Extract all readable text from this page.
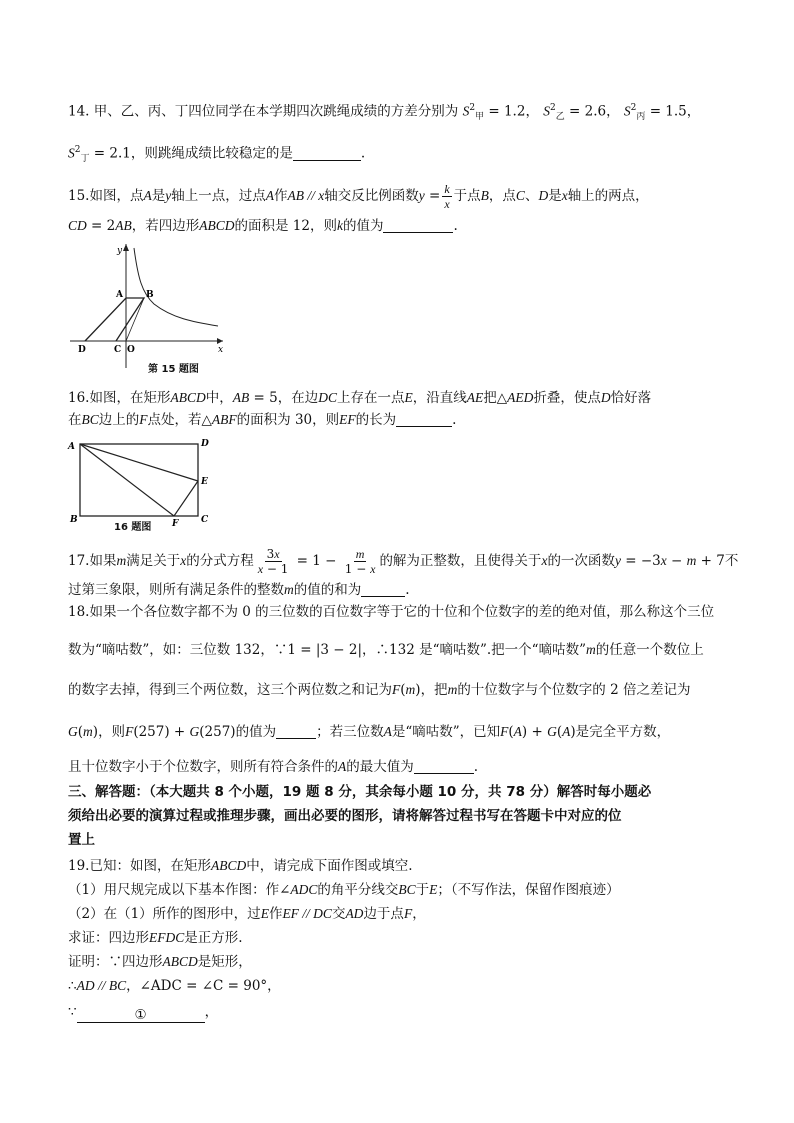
14. 甲、乙、丙、丁四位同学在本学期四次跳绳成绩的方差分别为 $S^2_甲 = 1.2$， $S^2_乙 = 2.6$， $S^2_丙 = 1.5$，
$S^2_丁 = 2.1$，则跳绳成绩比较稳定的是	.
15.如图，点A是y轴上一点，过点A作AB // x轴交反比例函数$y = \frac{k}{x}$ 于点B，点C、D是x轴上的两点，
CD = 2AB，若四边形ABCD的面积是 12，则k的值为	.
y
A	B
D	C O	x
第 15 题图
16.如图，在矩形ABCD中，AB = 5，在边DC上存在一点E，沿直线AE把△AED折叠，使点D恰好落
在BC边上的F点处，若△ABF的面积为 30，则EF的长为	.
A	D
E
B	F	C
16 题图
17.如果m满足关于x的分式方程 $\frac{3x}{x - 1} = 1 - \frac{m}{1 - x}$ 的解为正整数，且使得关于x的一次函数y = −3x − m + 7不
过第三象限，则所有满足条件的整数m的值的和为	.
18.如果一个各位数字都不为 0 的三位数的百位数字等于它的十位和个位数字的差的绝对值，那么称这个三位
数为“嘀咕数”，如：三位数 132，∵1 = |3 − 2|，∴132 是“嘀咕数”.把一个“嘀咕数”m的任意一个数位上
的数字去掉，得到三个两位数，这三个两位数之和记为F(m)，把m的十位数字与个位数字的 2 倍之差记为
G(m)，则F(257) + G(257)的值为	；若三位数A是“嘀咕数”，已知F(A) + G(A)是完全平方数，
且十位数字小于个位数字，则所有符合条件的A的最大值为	.
三、解答题：（本大题共 8 个小题，19 题 8 分，其余每小题 10 分，共 78 分）解答时每小题必
须给出必要的演算过程或推理步骤，画出必要的图形，请将解答过程书写在答题卡中对应的位
置上
19.已知：如图，在矩形ABCD中，请完成下面作图或填空.
（1）用尺规完成以下基本作图：作∠ADC的角平分线交BC于E；（不写作法，保留作图痕迹）
（2）在（1）所作的图形中，过E作EF // DC交AD边于点F，
求证：四边形EFDC是正方形.
证明：∵四边形ABCD是矩形，
∴AD // BC，∠ADC = ∠C = 90°，
∵	①	，
